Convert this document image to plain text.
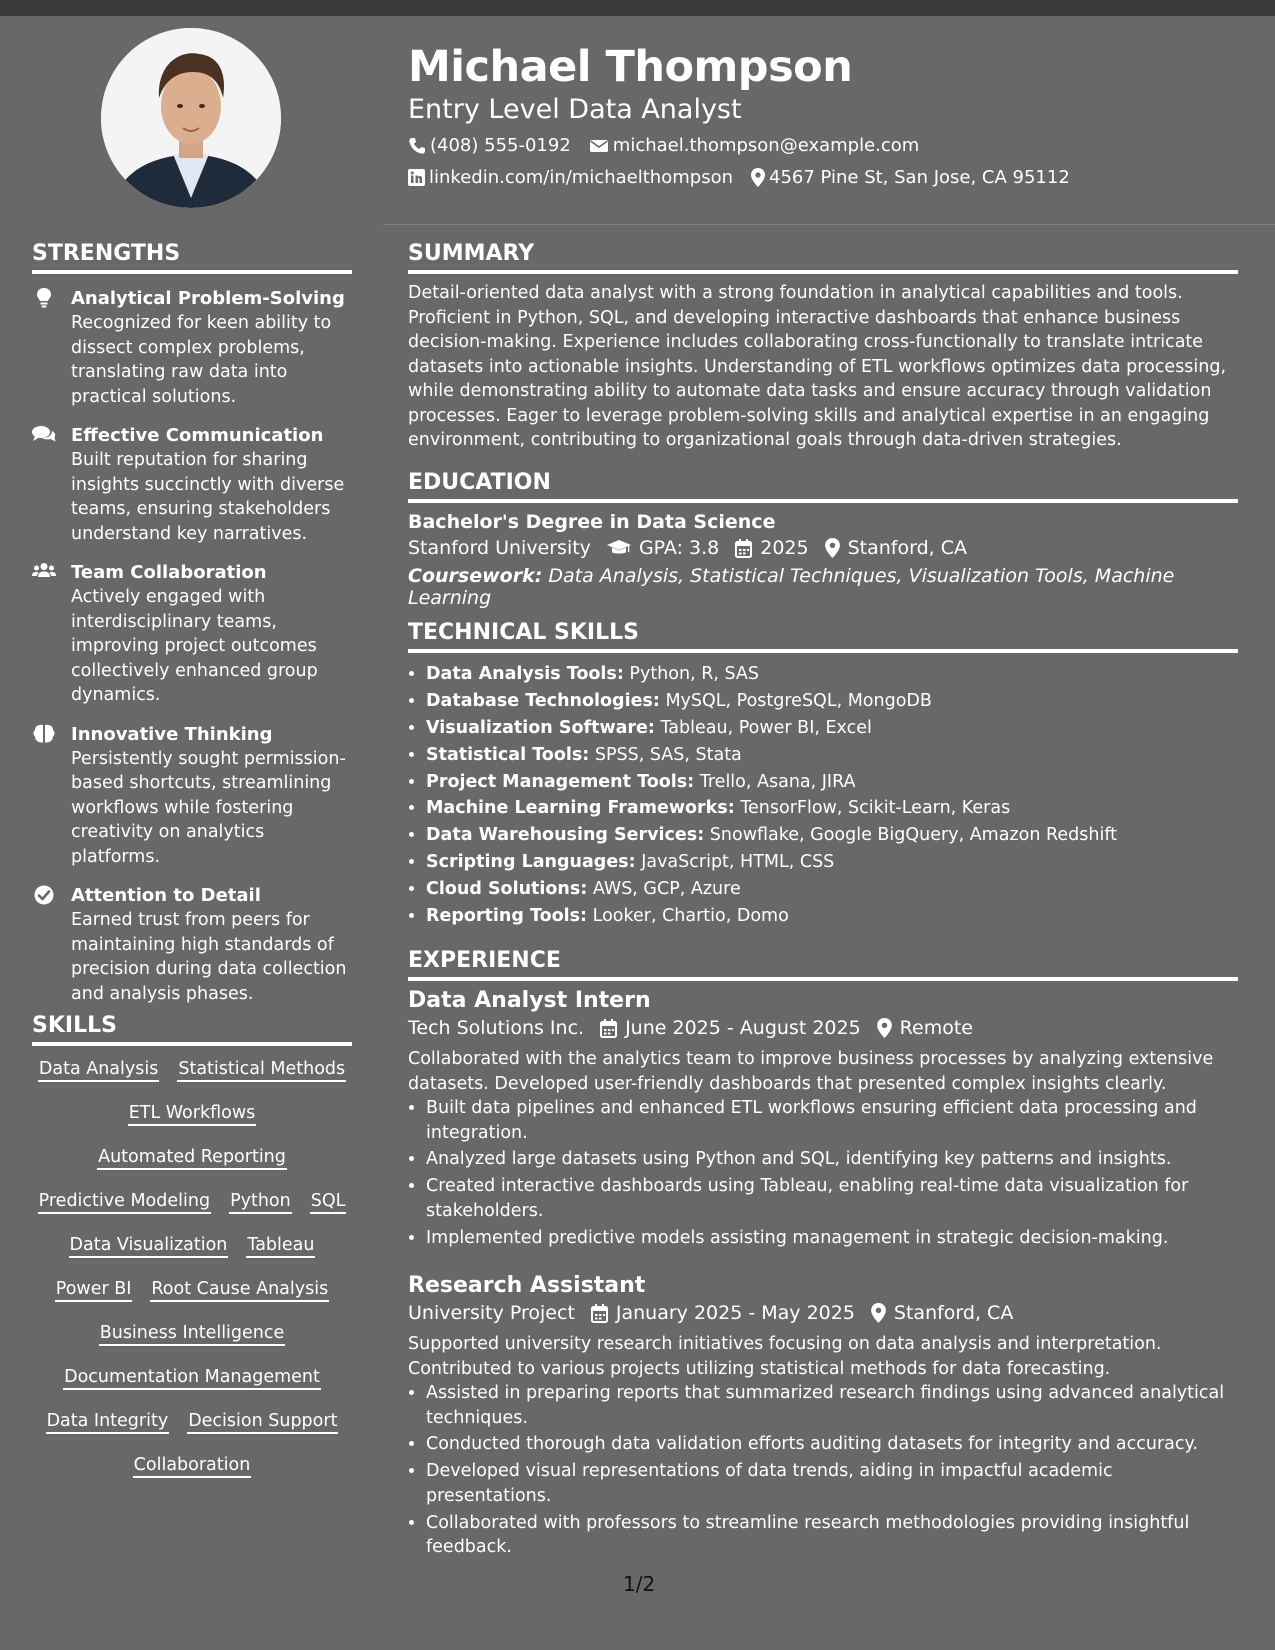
Michael Thompson
Entry Level Data Analyst
(408) 555-0192 michael.thompson@example.com
linkedin.com/in/michaelthompson 4567 Pine St, San Jose, CA 95112
STRENGTHS
Analytical Problem-Solving
Recognized for keen ability to dissect complex problems, translating raw data into practical solutions.
Effective Communication
Built reputation for sharing insights succinctly with diverse teams, ensuring stakeholders understand key narratives.
Team Collaboration
Actively engaged with interdisciplinary teams, improving project outcomes collectively enhanced group dynamics.
Innovative Thinking
Persistently sought permission-based shortcuts, streamlining workflows while fostering creativity on analytics platforms.
Attention to Detail
Earned trust from peers for maintaining high standards of precision during data collection and analysis phases.
SKILLS
Data Analysis Statistical Methods
ETL Workflows
Automated Reporting
Predictive Modeling Python SQL
Data Visualization Tableau
Power BI Root Cause Analysis
Business Intelligence
Documentation Management
Data Integrity Decision Support
Collaboration
SUMMARY
Detail-oriented data analyst with a strong foundation in analytical capabilities and tools. Proficient in Python, SQL, and developing interactive dashboards that enhance business decision-making. Experience includes collaborating cross-functionally to translate intricate datasets into actionable insights. Understanding of ETL workflows optimizes data processing, while demonstrating ability to automate data tasks and ensure accuracy through validation processes. Eager to leverage problem-solving skills and analytical expertise in an engaging environment, contributing to organizational goals through data-driven strategies.
EDUCATION
Bachelor's Degree in Data Science
Stanford University	GPA: 3.8 2025 Stanford, CA
Coursework: Data Analysis, Statistical Techniques, Visualization Tools, Machine Learning
TECHNICAL SKILLS
• Data Analysis Tools: Python, R, SAS
• Database Technologies: MySQL, PostgreSQL, MongoDB
• Visualization Software: Tableau, Power BI, Excel
• Statistical Tools: SPSS, SAS, Stata
• Project Management Tools: Trello, Asana, JIRA
• Machine Learning Frameworks: TensorFlow, Scikit-Learn, Keras
• Data Warehousing Services: Snowflake, Google BigQuery, Amazon Redshift
• Scripting Languages: JavaScript, HTML, CSS
• Cloud Solutions: AWS, GCP, Azure
• Reporting Tools: Looker, Chartio, Domo
EXPERIENCE
Data Analyst Intern
Tech Solutions Inc. June 2025 - August 2025 Remote
Collaborated with the analytics team to improve business processes by analyzing extensive datasets. Developed user-friendly dashboards that presented complex insights clearly.
• Built data pipelines and enhanced ETL workflows ensuring efficient data processing and integration.
• Analyzed large datasets using Python and SQL, identifying key patterns and insights.
• Created interactive dashboards using Tableau, enabling real-time data visualization for stakeholders.
• Implemented predictive models assisting management in strategic decision-making.
Research Assistant
University Project January 2025 - May 2025 Stanford, CA
Supported university research initiatives focusing on data analysis and interpretation. Contributed to various projects utilizing statistical methods for data forecasting.
• Assisted in preparing reports that summarized research findings using advanced analytical techniques.
• Conducted thorough data validation efforts auditing datasets for integrity and accuracy.
• Developed visual representations of data trends, aiding in impactful academic presentations.
• Collaborated with professors to streamline research methodologies providing insightful feedback.
1/2
